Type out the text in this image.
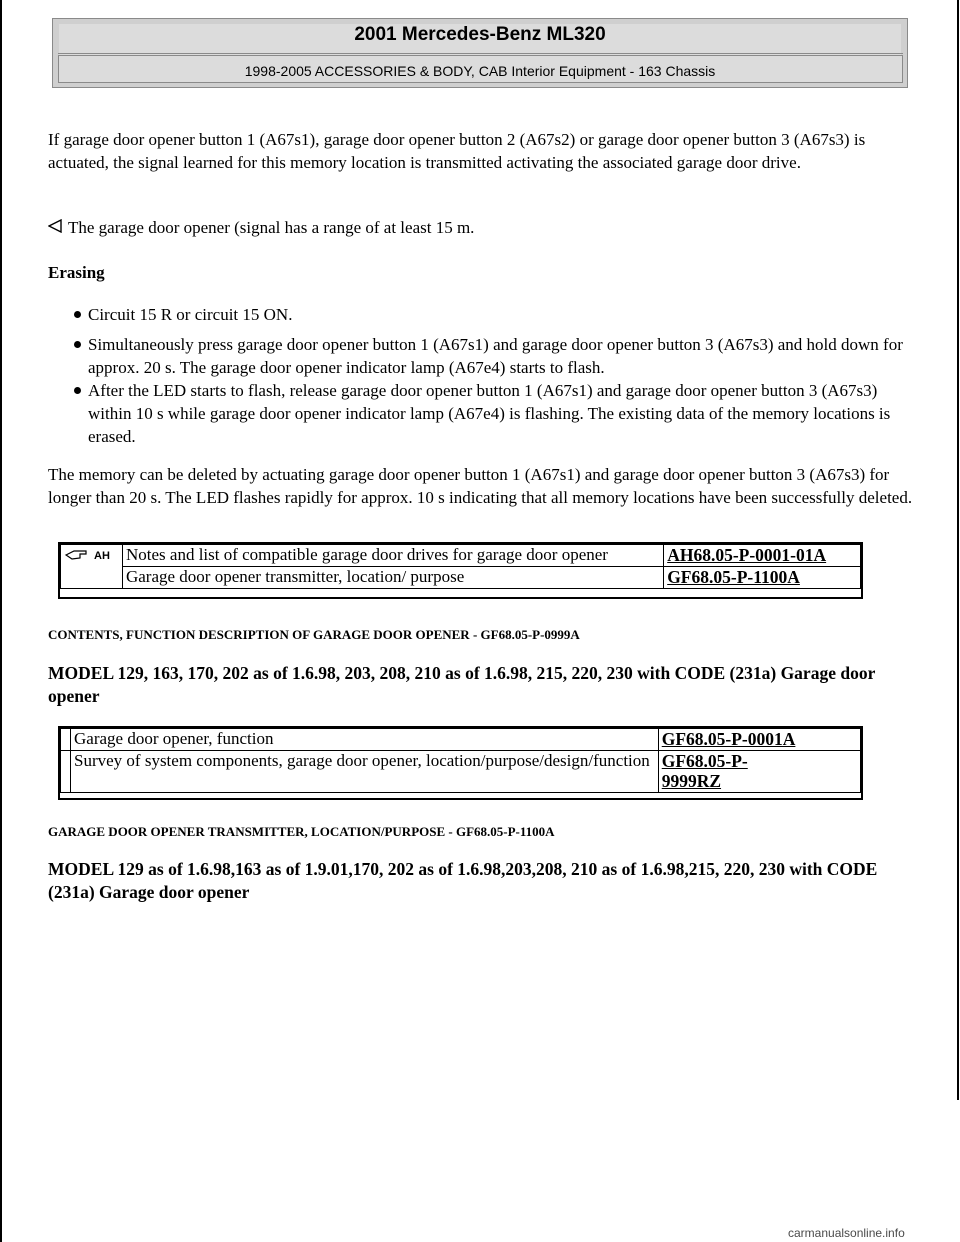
2001 Mercedes-Benz ML320
1998-2005 ACCESSORIES & BODY, CAB Interior Equipment - 163 Chassis
If garage door opener button 1 (A67s1), garage door opener button 2 (A67s2) or garage door opener button 3 (A67s3) is actuated, the signal learned for this memory location is transmitted activating the associated garage door drive.
The garage door opener (signal has a range of at least 15 m.
Erasing
Circuit 15 R or circuit 15 ON.
Simultaneously press garage door opener button 1 (A67s1) and garage door opener button 3 (A67s3) and hold down for approx. 20 s. The garage door opener indicator lamp (A67e4) starts to flash.
After the LED starts to flash, release garage door opener button 1 (A67s1) and garage door opener button 3 (A67s3) within 10 s while garage door opener indicator lamp (A67e4) is flashing. The existing data of the memory locations is erased.
The memory can be deleted by actuating garage door opener button 1 (A67s1) and garage door opener button 3 (A67s3) for longer than 20 s. The LED flashes rapidly for approx. 10 s indicating that all memory locations have been successfully deleted.
AH	Notes and list of compatible garage door drives for garage door opener	AH68.05-P-0001-01A
	Garage door opener transmitter, location/ purpose	GF68.05-P-1100A
CONTENTS, FUNCTION DESCRIPTION OF GARAGE DOOR OPENER - GF68.05-P-0999A
MODEL 129, 163, 170, 202 as of 1.6.98, 203, 208, 210 as of 1.6.98, 215, 220, 230 with CODE (231a) Garage door opener
	Garage door opener, function	GF68.05-P-0001A
	Survey of system components, garage door opener, location/purpose/design/function	GF68.05-P-9999RZ
GARAGE DOOR OPENER TRANSMITTER, LOCATION/PURPOSE - GF68.05-P-1100A
MODEL 129 as of 1.6.98,163 as of 1.9.01,170, 202 as of 1.6.98,203,208, 210 as of 1.6.98,215, 220, 230 with CODE (231a) Garage door opener
carmanualsonline.info
